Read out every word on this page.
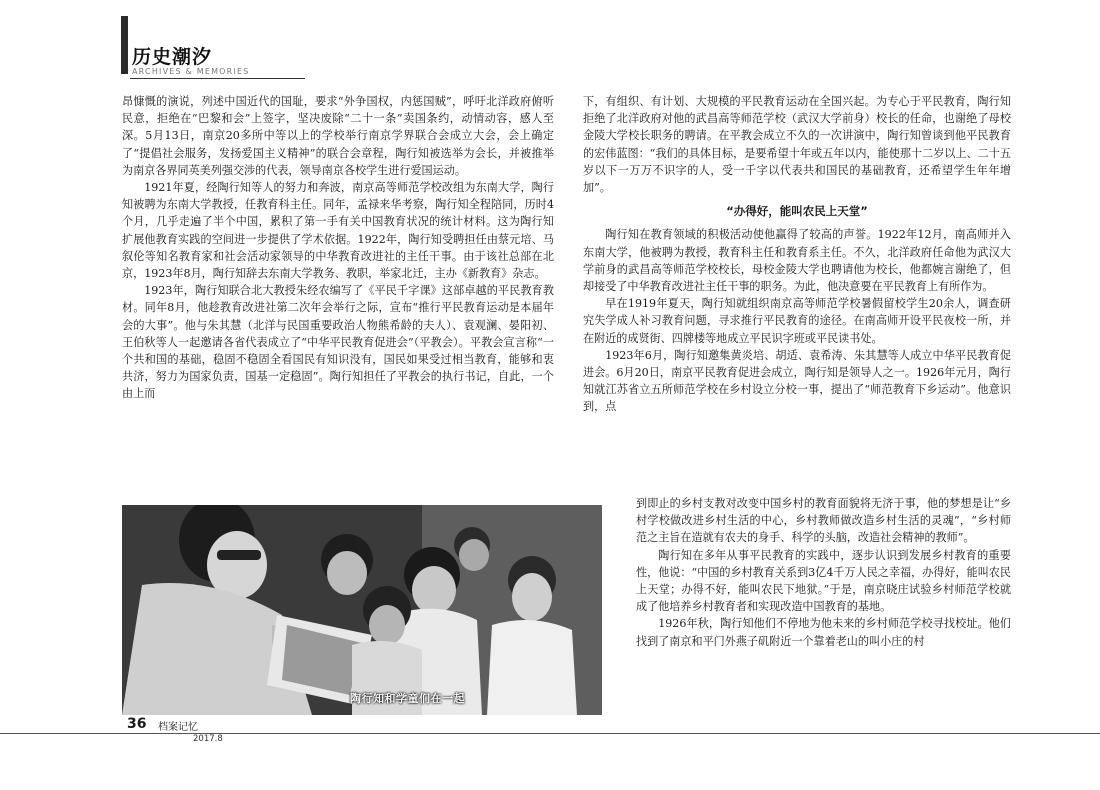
历史潮汐
ARCHIVES & MEMORIES

昂慷慨的演说，列述中国近代的国耻，要求“外争国权，内惩国贼”，呼吁北洋政府俯听民意，拒绝在“巴黎和会”上签字，坚决废除“二十一条”卖国条约，动情动容，感人至深。5月13日，南京20多所中等以上的学校举行南京学界联合会成立大会，会上确定了“提倡社会服务，发扬爱国主义精神”的联合会章程，陶行知被选举为会长，并被推举为南京各界同英美列强交涉的代表，领导南京各校学生进行爱国运动。

1921年夏，经陶行知等人的努力和奔波，南京高等师范学校改组为东南大学，陶行知被聘为东南大学教授，任教育科主任。同年，孟禄来华考察，陶行知全程陪同，历时4个月，几乎走遍了半个中国，累积了第一手有关中国教育状况的统计材料。这为陶行知扩展他教育实践的空间进一步提供了学术依据。1922年，陶行知受聘担任由蔡元培、马叙伦等知名教育家和社会活动家领导的中华教育改进社的主任干事。由于该社总部在北京，1923年8月，陶行知辞去东南大学教务、教职，举家北迁，主办《新教育》杂志。

1923年，陶行知联合北大教授朱经农编写了《平民千字课》这部卓越的平民教育教材。同年8月，他趁教育改进社第二次年会举行之际，宣布“推行平民教育运动是本届年会的大事”。他与朱其慧（北洋与民国重要政治人物熊希龄的夫人）、袁观澜、晏阳初、王伯秋等人一起邀请各省代表成立了“中华平民教育促进会”（平教会）。平教会宣言称“一个共和国的基础，稳固不稳固全看国民有知识没有，国民如果受过相当教育，能够和衷共济，努力为国家负责，国基一定稳固”。陶行知担任了平教会的执行书记，自此，一个由上而

下，有组织、有计划、大规模的平民教育运动在全国兴起。为专心于平民教育，陶行知拒绝了北洋政府对他的武昌高等师范学校（武汉大学前身）校长的任命，也谢绝了母校金陵大学校长职务的聘请。在平教会成立不久的一次讲演中，陶行知曾谈到他平民教育的宏伟蓝图：“我们的具体目标，是要希望十年或五年以内，能使那十二岁以上、二十五岁以下一万万不识字的人，受一千字以代表共和国民的基础教育，还希望学生年年增加”。

“办得好，能叫农民上天堂”

陶行知在教育领域的积极活动使他赢得了较高的声誉。1922年12月，南高师并入东南大学，他被聘为教授，教育科主任和教育系主任。不久，北洋政府任命他为武汉大学前身的武昌高等师范学校校长，母校金陵大学也聘请他为校长，他都婉言谢绝了，但却接受了中华教育改进社主任干事的职务。为此，他决意要在平民教育上有所作为。

早在1919年夏天，陶行知就组织南京高等师范学校暑假留校学生20余人，调查研究失学成人补习教育问题，寻求推行平民教育的途径。在南高师开设平民夜校一所，并在附近的成贤街、四牌楼等地成立平民识字班或平民读书处。

1923年6月，陶行知邀集黄炎培、胡适、袁希涛、朱其慧等人成立中华平民教育促进会。6月20日，南京平民教育促进会成立，陶行知是领导人之一。1926年元月，陶行知就江苏省立五所师范学校在乡村设立分校一事，提出了“师范教育下乡运动”。他意识到，点

到即止的乡村支教对改变中国乡村的教育面貌将无济于事，他的梦想是让“乡村学校做改进乡村生活的中心，乡村教师做改造乡村生活的灵魂”，“乡村师范之主旨在造就有农夫的身手、科学的头脑，改造社会精神的教师”。

陶行知在多年从事平民教育的实践中，逐步认识到发展乡村教育的重要性，他说：“中国的乡村教育关系到3亿4千万人民之幸福，办得好，能叫农民上天堂；办得不好，能叫农民下地狱。”于是，南京晓庄试验乡村师范学校就成了他培养乡村教育者和实现改造中国教育的基地。

1926年秋，陶行知他们不停地为他未来的乡村师范学校寻找校址。他们找到了南京和平门外燕子矶附近一个靠着老山的叫小庄的村

陶行知和学童们在一起
36 档案记忆
2017.8
